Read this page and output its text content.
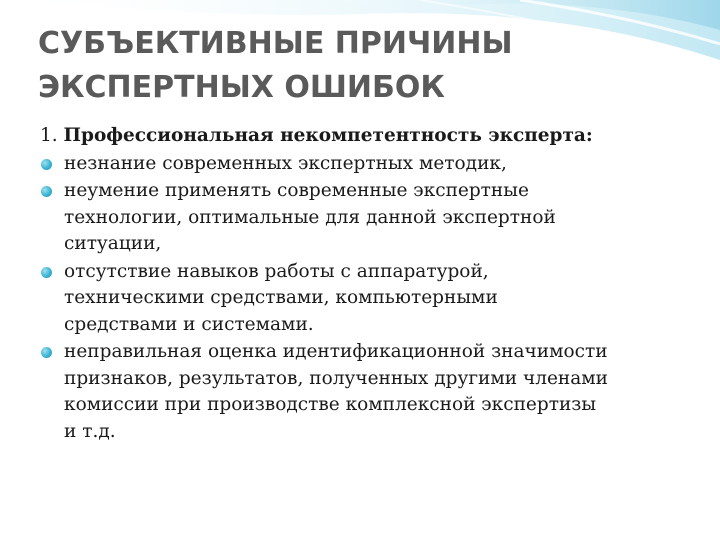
СУБЪЕКТИВНЫЕ ПРИЧИНЫ
ЭКСПЕРТНЫХ ОШИБОК

1. Профессиональная некомпетентность эксперта:

незнание современных экспертных методик,
неумение применять современные экспертные
технологии, оптимальные для данной экспертной
ситуации,
отсутствие навыков работы с аппаратурой,
техническими средствами, компьютерными
средствами и системами.
неправильная оценка идентификационной значимости
признаков, результатов, полученных другими членами
комиссии при производстве комплексной экспертизы
и т.д.
